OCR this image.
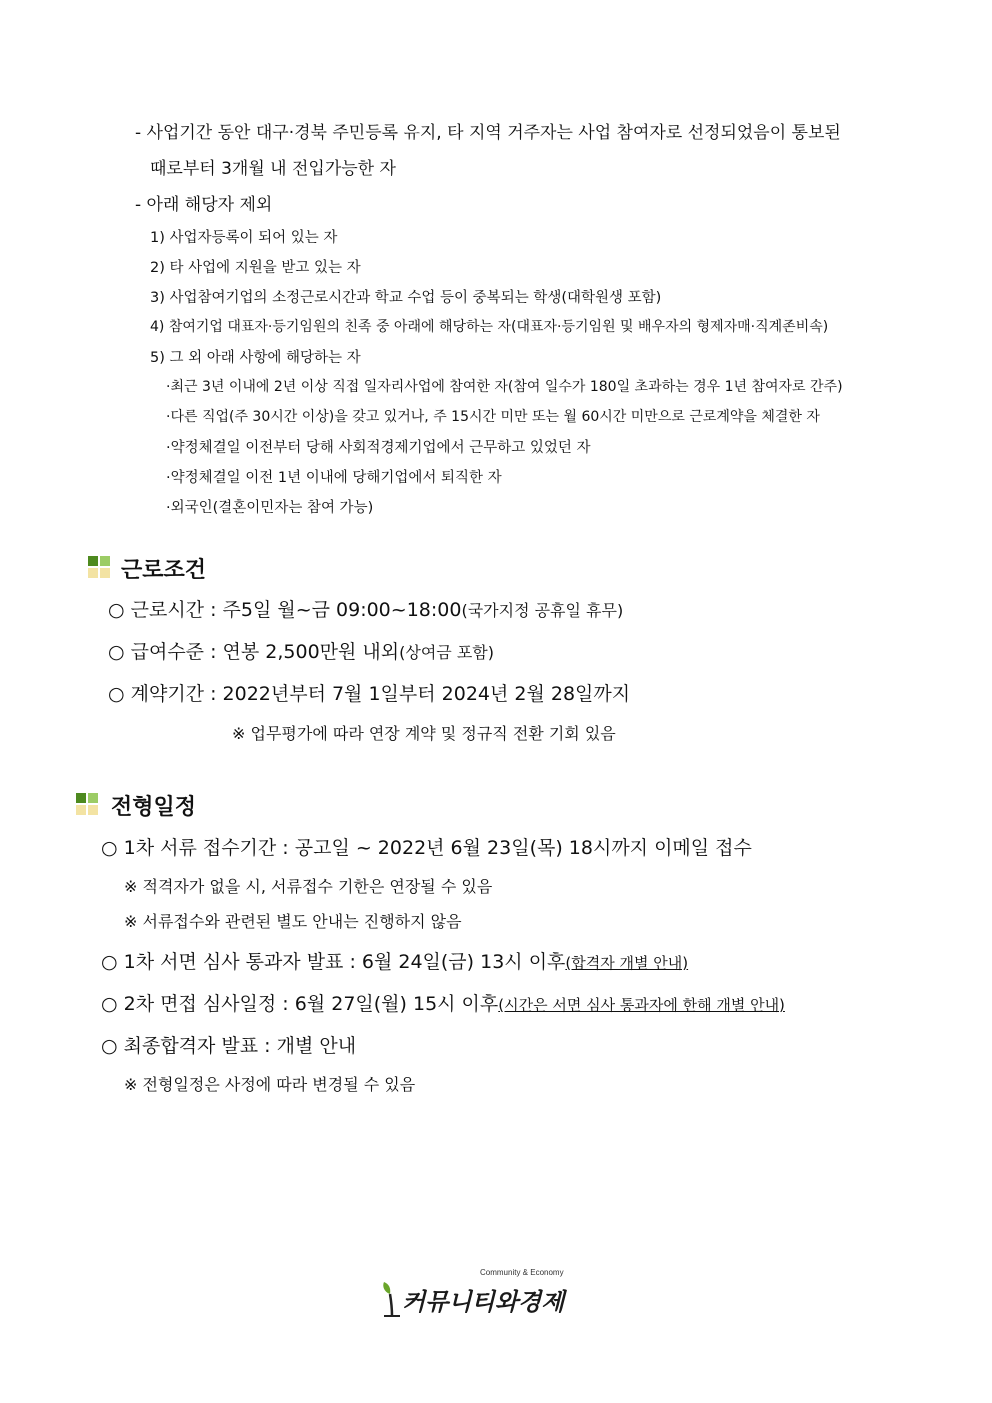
- 사업기간 동안 대구·경북 주민등록 유지, 타 지역 거주자는 사업 참여자로 선정되었음이 통보된
때로부터 3개월 내 전입가능한 자
- 아래 해당자 제외
1) 사업자등록이 되어 있는 자
2) 타 사업에 지원을 받고 있는 자
3) 사업참여기업의 소정근로시간과 학교 수업 등이 중복되는 학생(대학원생 포함)
4) 참여기업 대표자·등기임원의 친족 중 아래에 해당하는 자(대표자·등기임원 및 배우자의 형제자매·직계존비속)
5) 그 외 아래 사항에 해당하는 자
·최근 3년 이내에 2년 이상 직접 일자리사업에 참여한 자(참여 일수가 180일 초과하는 경우 1년 참여자로 간주)
·다른 직업(주 30시간 이상)을 갖고 있거나, 주 15시간 미만 또는 월 60시간 미만으로 근로계약을 체결한 자
·약정체결일 이전부터 당해 사회적경제기업에서 근무하고 있었던 자
·약정체결일 이전 1년 이내에 당해기업에서 퇴직한 자
·외국인(결혼이민자는 참여 가능)
근로조건
○ 근로시간 : 주5일 월~금 09:00~18:00(국가지정 공휴일 휴무)
○ 급여수준 : 연봉 2,500만원 내외(상여금 포함)
○ 계약기간 : 2022년부터 7월 1일부터 2024년 2월 28일까지
※ 업무평가에 따라 연장 계약 및 정규직 전환 기회 있음
전형일정
○ 1차 서류 접수기간 : 공고일 ~ 2022년 6월 23일(목) 18시까지 이메일 접수
※ 적격자가 없을 시, 서류접수 기한은 연장될 수 있음
※ 서류접수와 관련된 별도 안내는 진행하지 않음
○ 1차 서면 심사 통과자 발표 : 6월 24일(금) 13시 이후(합격자 개별 안내)
○ 2차 면접 심사일정 : 6월 27일(월) 15시 이후(시간은 서면 심사 통과자에 한해 개별 안내)
○ 최종합격자 발표 : 개별 안내
※ 전형일정은 사정에 따라 변경될 수 있음
Community & Economy
커뮤니티와경제
